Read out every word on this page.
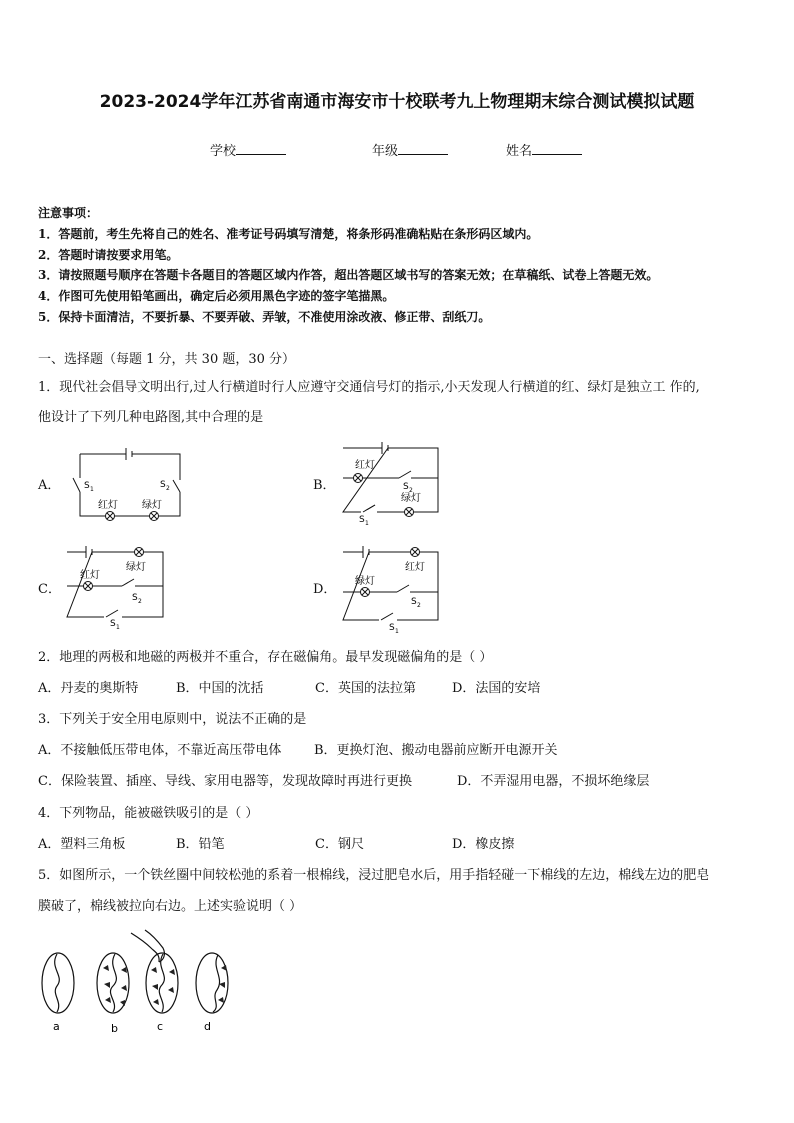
2023-2024学年江苏省南通市海安市十校联考九上物理期末综合测试模拟试题
学校	年级	姓名
注意事项：
1．答题前，考生先将自己的姓名、准考证号码填写清楚，将条形码准确粘贴在条形码区域内。
2．答题时请按要求用笔。
3．请按照题号顺序在答题卡各题目的答题区域内作答，超出答题区域书写的答案无效；在草稿纸、试卷上答题无效。
4．作图可先使用铅笔画出，确定后必须用黑色字迹的签字笔描黑。
5．保持卡面清洁，不要折暴、不要弄破、弄皱，不准使用涂改液、修正带、刮纸刀。
一、选择题（每题 1 分，共 30 题，30 分）
1．现代社会倡导文明出行,过人行横道时行人应遵守交通信号灯的指示,小天发现人行横道的红、绿灯是独立工 作的,
他设计了下列几种电路图,其中合理的是
A．	B．
C．	D．
S 1	S 2
红灯 绿灯
红灯
绿灯
S 2
S 1
绿灯
红灯
S 2
S 1
红灯
绿灯
S 2
S 1
2．地理的两极和地磁的两极并不重合，存在磁偏角。最早发现磁偏角的是（ ）
A．丹麦的奥斯特	B．中国的沈括	C．英国的法拉第	D．法国的安培
3．下列关于安全用电原则中，说法不正确的是
A．不接触低压带电体，不靠近高压带电体	B．更换灯泡、搬动电器前应断开电源开关
C．保险装置、插座、导线、家用电器等，发现故障时再进行更换	D．不弄湿用电器，不损坏绝缘层
4．下列物品，能被磁铁吸引的是（ ）
A．塑料三角板	B．铅笔	C．钢尺	D．橡皮擦
5．如图所示，一个铁丝圈中间较松弛的系着一根棉线，浸过肥皂水后，用手指轻碰一下棉线的左边，棉线左边的肥皂
膜破了，棉线被拉向右边。上述实验说明（ ）
a	b	c	d
